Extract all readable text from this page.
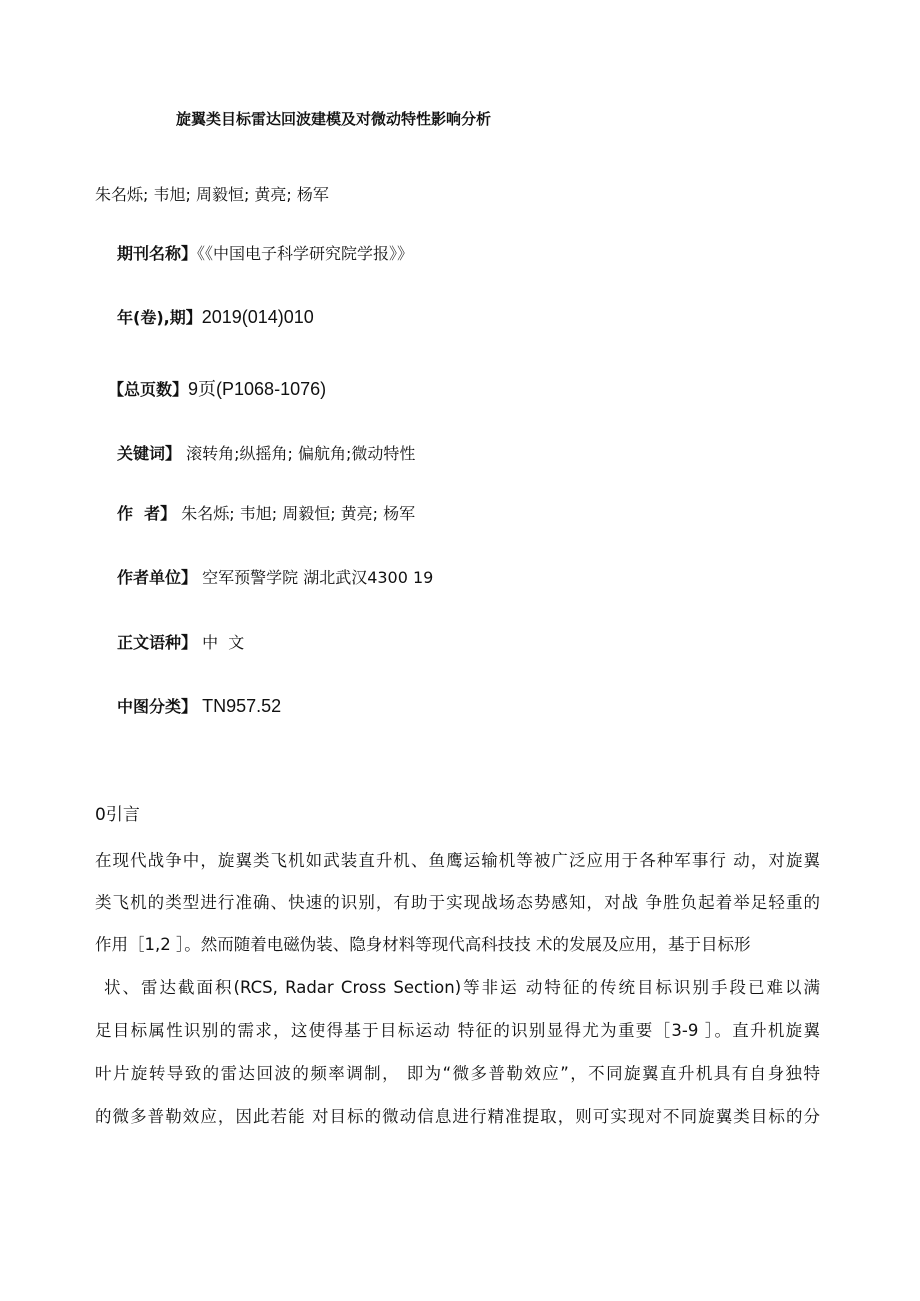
旋翼类目标雷达回波建模及对微动特性影响分析
朱名烁; 韦旭; 周毅恒; 黄亮; 杨军
期刊名称】《《中国电子科学研究院学报》》
年(卷),期】2019(014)010
【总页数】9页(P1068-1076)
关键词】 滚转角;纵摇角; 偏航角;微动特性
作  者】 朱名烁; 韦旭; 周毅恒; 黄亮; 杨军
作者单位】 空军预警学院 湖北武汉4300 19
正文语种】 中  文
中图分类】 TN957.52
0引言
在现代战争中，旋翼类飞机如武装直升机、鱼鹰运输机等被广泛应用于各种军事行 动，对旋翼
类飞机的类型进行准确、快速的识别，有助于实现战场态势感知，对战 争胜负起着举足轻重的
作用［1,2 ］。然而随着电磁伪装、隐身材料等现代高科技技 术的发展及应用，基于目标形
状、雷达截面积(RCS, Radar Cross Section)等非运 动特征的传统目标识别手段已难以满
足目标属性识别的需求，这使得基于目标运动 特征的识别显得尤为重要［3-9 ］。直升机旋翼
叶片旋转导致的雷达回波的频率调制， 即为“微多普勒效应”，不同旋翼直升机具有自身独特
的微多普勒效应，因此若能 对目标的微动信息进行精准提取，则可实现对不同旋翼类目标的分
